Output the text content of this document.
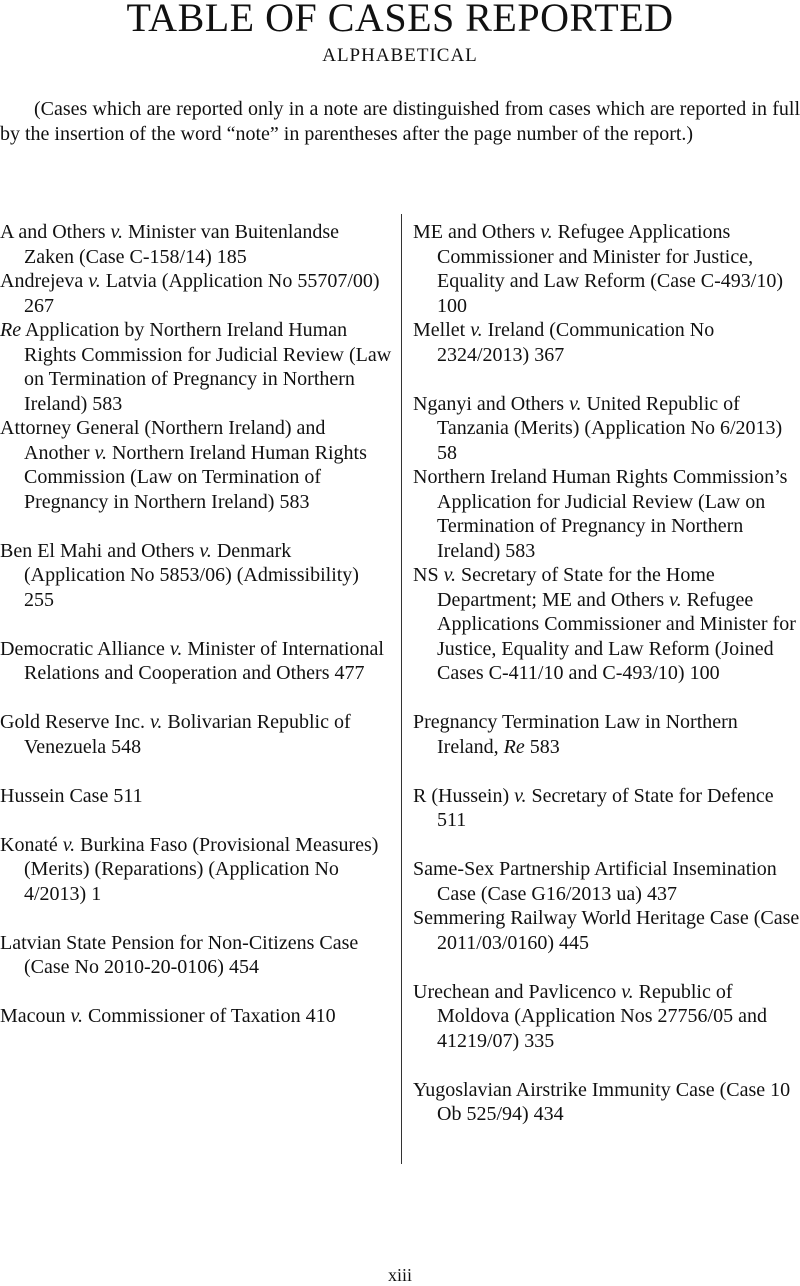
TABLE OF CASES REPORTED
ALPHABETICAL

(Cases which are reported only in a note are distinguished from cases which are reported in full by the insertion of the word “note” in parentheses after the page number of the report.)

A and Others v. Minister van Buitenlandse Zaken (Case C-158/14) 185

Andrejeva v. Latvia (Application No 55707/00) 267

Re Application by Northern Ireland Human Rights Commission for Judicial Review (Law on Termination of Pregnancy in Northern Ireland) 583

Attorney General (Northern Ireland) and Another v. Northern Ireland Human Rights Commission (Law on Termination of Pregnancy in Northern Ireland) 583

Ben El Mahi and Others v. Denmark (Application No 5853/06) (Admissibility) 255

Democratic Alliance v. Minister of International Relations and Cooperation and Others 477

Gold Reserve Inc. v. Bolivarian Republic of Venezuela 548

Hussein Case 511

Konaté v. Burkina Faso (Provisional Measures) (Merits) (Reparations) (Application No 4/2013) 1

Latvian State Pension for Non-Citizens Case (Case No 2010-20-0106) 454

Macoun v. Commissioner of Taxation 410

ME and Others v. Refugee Applications Commissioner and Minister for Justice, Equality and Law Reform (Case C-493/10) 100

Mellet v. Ireland (Communication No 2324/2013) 367

Nganyi and Others v. United Republic of Tanzania (Merits) (Application No 6/2013) 58

Northern Ireland Human Rights Commission’s Application for Judicial Review (Law on Termination of Pregnancy in Northern Ireland) 583

NS v. Secretary of State for the Home Department; ME and Others v. Refugee Applications Commissioner and Minister for Justice, Equality and Law Reform (Joined Cases C-411/10 and C-493/10) 100

Pregnancy Termination Law in Northern Ireland, Re 583

R (Hussein) v. Secretary of State for Defence 511

Same-Sex Partnership Artificial Insemination Case (Case G16/2013 ua) 437

Semmering Railway World Heritage Case (Case 2011/03/0160) 445

Urechean and Pavlicenco v. Republic of Moldova (Application Nos 27756/05 and 41219/07) 335

Yugoslavian Airstrike Immunity Case (Case 10 Ob 525/94) 434

xiii
